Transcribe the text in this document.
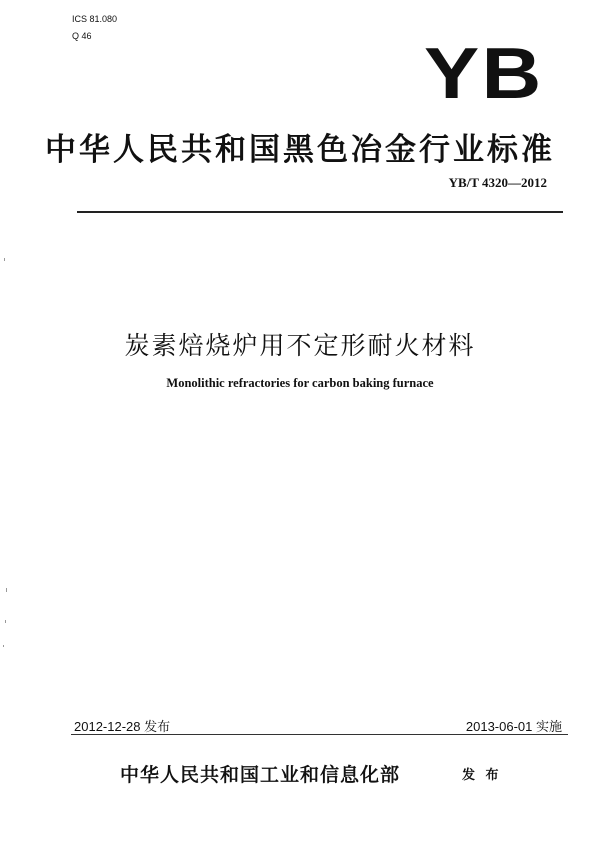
ICS 81.080
Q 46	YB
中华人民共和国黑色冶金行业标准
YB/T 4320—2012
炭素焙烧炉用不定形耐火材料
Monolithic refractories for carbon baking furnace
2012-12-28 发布	2013-06-01 实施
中华人民共和国工业和信息化部	发 布
